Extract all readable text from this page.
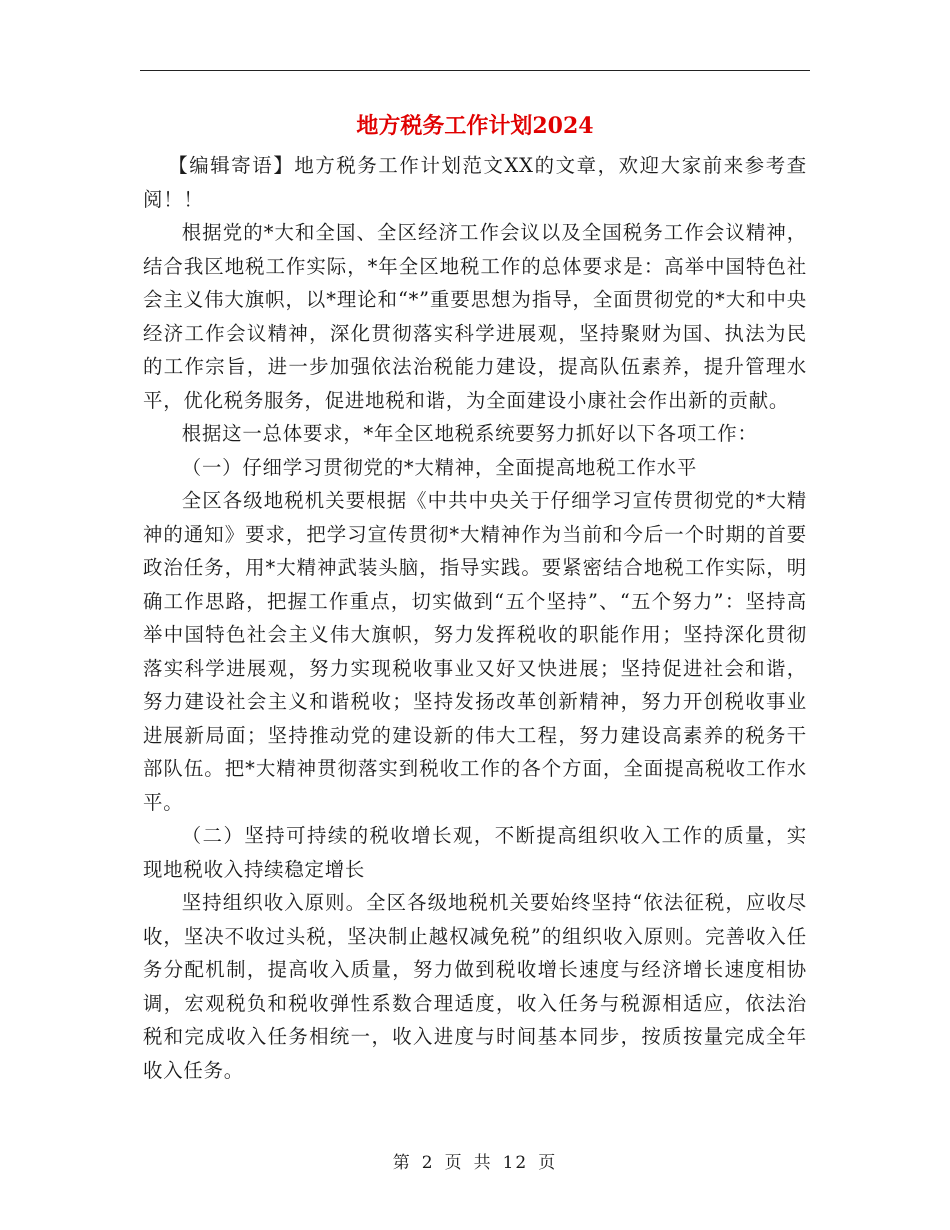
地方税务工作计划2024

【编辑寄语】地方税务工作计划范文XX的文章，欢迎大家前来参考查阅！！

根据党的*大和全国、全区经济工作会议以及全国税务工作会议精神，结合我区地税工作实际，*年全区地税工作的总体要求是：高举中国特色社会主义伟大旗帜，以*理论和“*”重要思想为指导，全面贯彻党的*大和中央经济工作会议精神，深化贯彻落实科学进展观，坚持聚财为国、执法为民的工作宗旨，进一步加强依法治税能力建设，提高队伍素养，提升管理水平，优化税务服务，促进地税和谐，为全面建设小康社会作出新的贡献。

根据这一总体要求，*年全区地税系统要努力抓好以下各项工作：

（一）仔细学习贯彻党的*大精神，全面提高地税工作水平

全区各级地税机关要根据《中共中央关于仔细学习宣传贯彻党的*大精神的通知》要求，把学习宣传贯彻*大精神作为当前和今后一个时期的首要政治任务，用*大精神武装头脑，指导实践。要紧密结合地税工作实际，明确工作思路，把握工作重点，切实做到“五个坚持”、“五个努力”：坚持高举中国特色社会主义伟大旗帜，努力发挥税收的职能作用；坚持深化贯彻落实科学进展观，努力实现税收事业又好又快进展；坚持促进社会和谐，努力建设社会主义和谐税收；坚持发扬改革创新精神，努力开创税收事业进展新局面；坚持推动党的建设新的伟大工程，努力建设高素养的税务干部队伍。把*大精神贯彻落实到税收工作的各个方面，全面提高税收工作水平。

（二）坚持可持续的税收增长观，不断提高组织收入工作的质量，实现地税收入持续稳定增长

坚持组织收入原则。全区各级地税机关要始终坚持“依法征税，应收尽收，坚决不收过头税，坚决制止越权减免税”的组织收入原则。完善收入任务分配机制，提高收入质量，努力做到税收增长速度与经济增长速度相协调，宏观税负和税收弹性系数合理适度，收入任务与税源相适应，依法治税和完成收入任务相统一，收入进度与时间基本同步，按质按量完成全年收入任务。

第 2 页 共 12 页
